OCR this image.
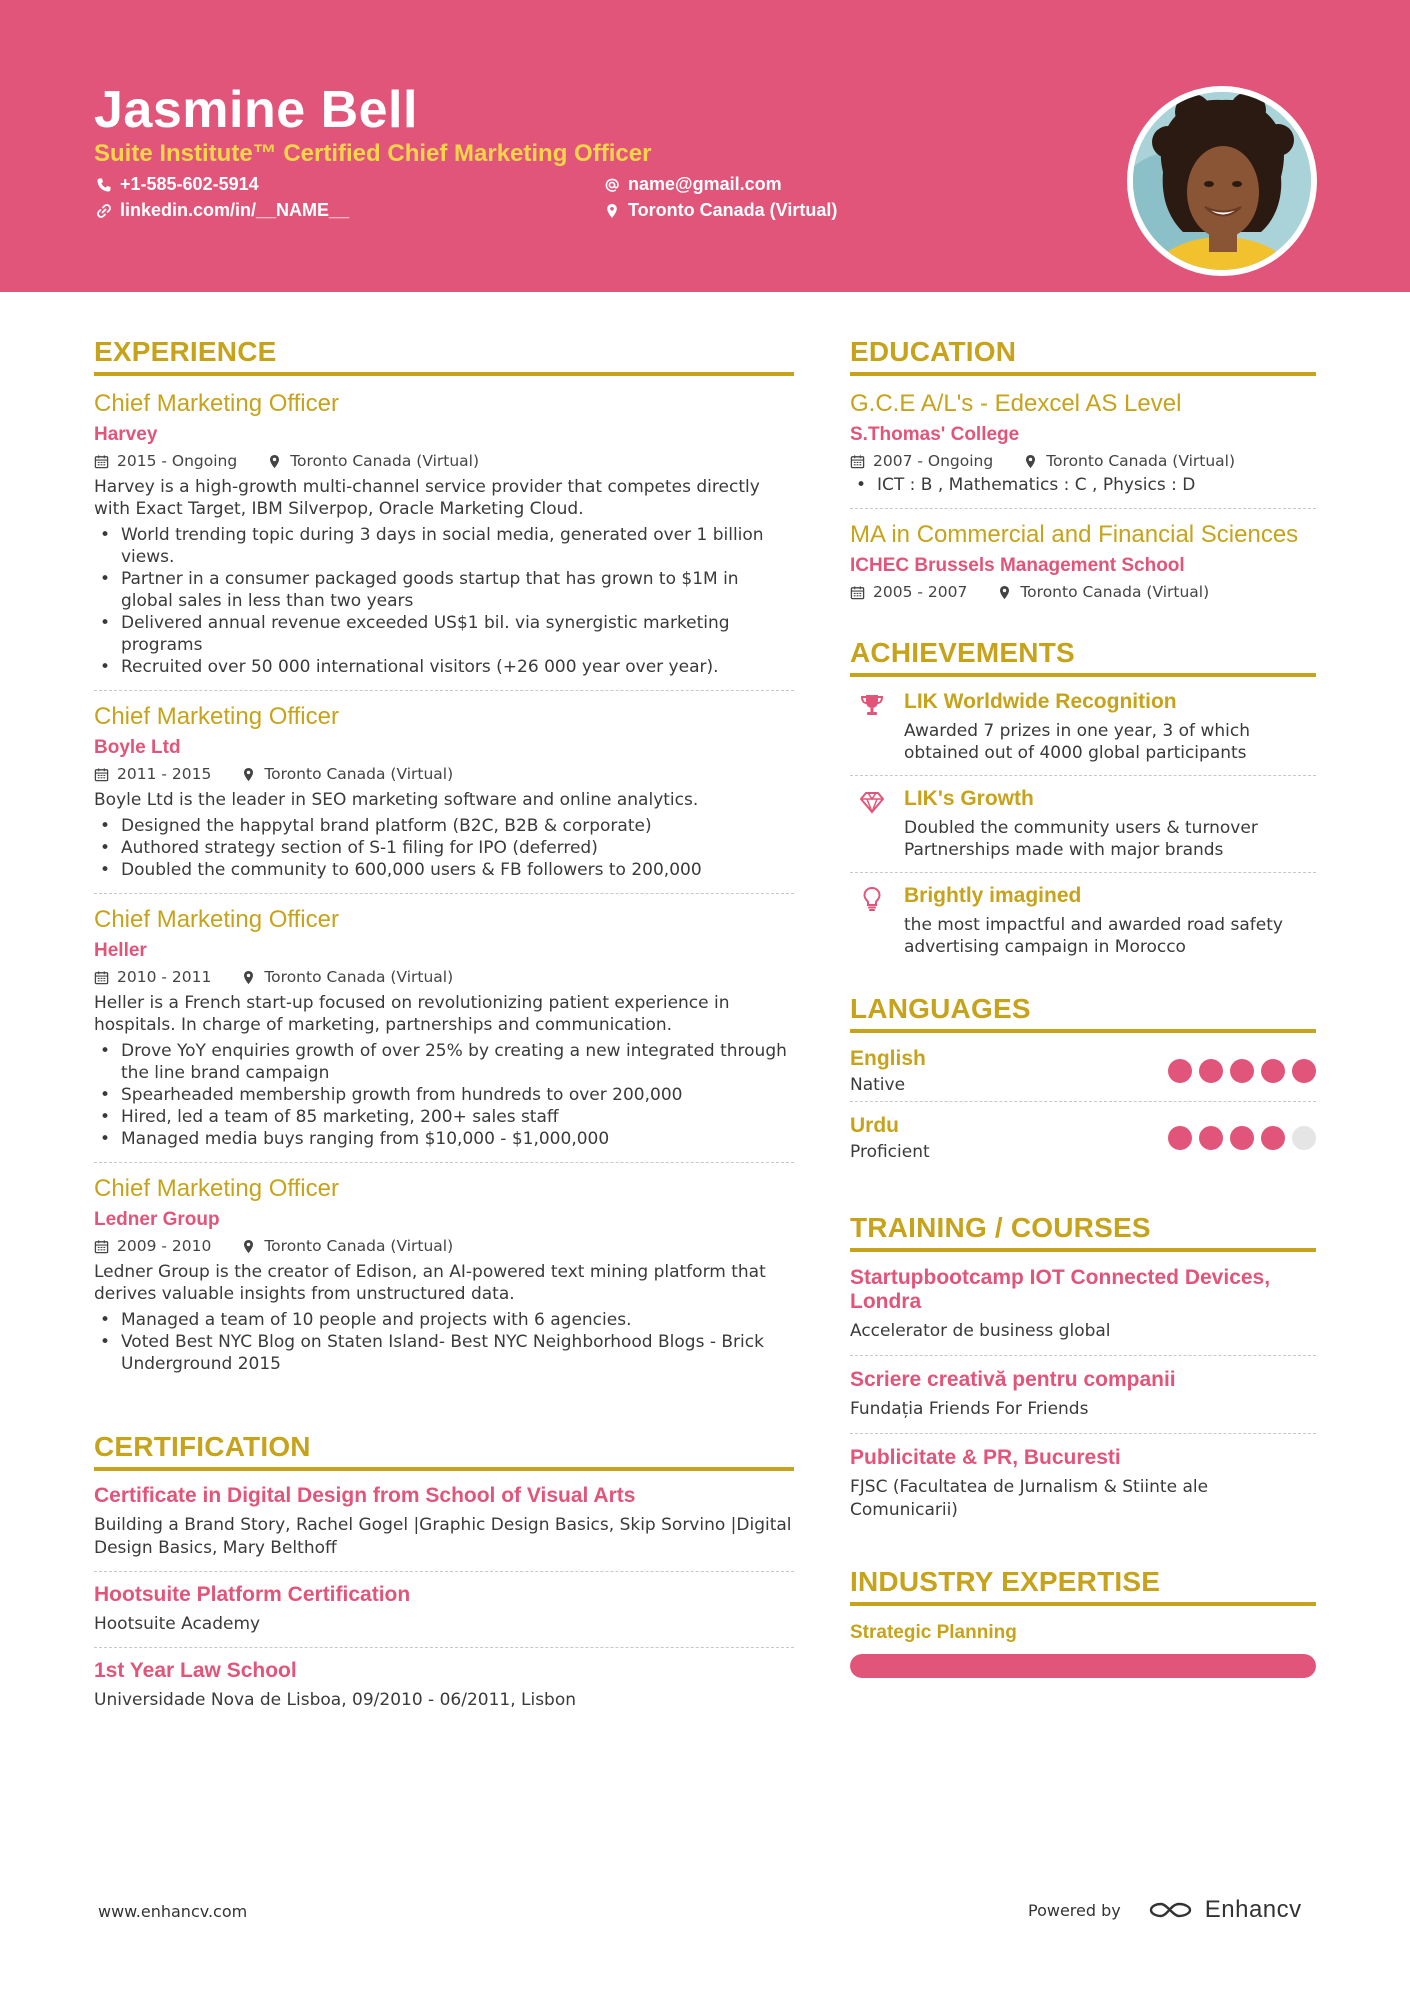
Jasmine Bell
Suite Institute™ Certified Chief Marketing Officer
+1-585-602-5914
linkedin.com/in/__NAME__
name@gmail.com
Toronto Canada (Virtual)
EXPERIENCE
Chief Marketing Officer
Harvey
2015 - Ongoing	Toronto Canada (Virtual)
Harvey is a high-growth multi-channel service provider that competes directly with Exact Target, IBM Silverpop, Oracle Marketing Cloud.
• World trending topic during 3 days in social media, generated over 1 billion views.
• Partner in a consumer packaged goods startup that has grown to $1M in global sales in less than two years
• Delivered annual revenue exceeded US$1 bil. via synergistic marketing programs
• Recruited over 50 000 international visitors (+26 000 year over year).
Chief Marketing Officer
Boyle Ltd
2011 - 2015	Toronto Canada (Virtual)
Boyle Ltd is the leader in SEO marketing software and online analytics.
• Designed the happytal brand platform (B2C, B2B & corporate)
• Authored strategy section of S-1 filing for IPO (deferred)
• Doubled the community to 600,000 users & FB followers to 200,000
Chief Marketing Officer
Heller
2010 - 2011	Toronto Canada (Virtual)
Heller is a French start-up focused on revolutionizing patient experience in hospitals. In charge of marketing, partnerships and communication.
• Drove YoY enquiries growth of over 25% by creating a new integrated through the line brand campaign
• Spearheaded membership growth from hundreds to over 200,000
• Hired, led a team of 85 marketing, 200+ sales staff
• Managed media buys ranging from $10,000 - $1,000,000
Chief Marketing Officer
Ledner Group
2009 - 2010	Toronto Canada (Virtual)
Ledner Group is the creator of Edison, an AI-powered text mining platform that derives valuable insights from unstructured data.
• Managed a team of 10 people and projects with 6 agencies.
• Voted Best NYC Blog on Staten Island- Best NYC Neighborhood Blogs - Brick Underground 2015
CERTIFICATION
Certificate in Digital Design from School of Visual Arts
Building a Brand Story, Rachel Gogel |Graphic Design Basics, Skip Sorvino |Digital Design Basics, Mary Belthoff
Hootsuite Platform Certification
Hootsuite Academy
1st Year Law School
Universidade Nova de Lisboa, 09/2010 - 06/2011, Lisbon
EDUCATION
G.C.E A/L's - Edexcel AS Level
S.Thomas' College
2007 - Ongoing	Toronto Canada (Virtual)
• ICT : B , Mathematics : C , Physics : D
MA in Commercial and Financial Sciences
ICHEC Brussels Management School
2005 - 2007	Toronto Canada (Virtual)
ACHIEVEMENTS
LIK Worldwide Recognition
Awarded 7 prizes in one year, 3 of which obtained out of 4000 global participants
LIK's Growth
Doubled the community users & turnover Partnerships made with major brands
Brightly imagined
the most impactful and awarded road safety advertising campaign in Morocco
LANGUAGES
English
Native
Urdu
Proficient
TRAINING / COURSES
Startupbootcamp IOT Connected Devices, Londra
Accelerator de business global
Scriere creativă pentru companii
Fundația Friends For Friends
Publicitate & PR, Bucuresti
FJSC (Facultatea de Jurnalism & Stiinte ale Comunicarii)
INDUSTRY EXPERTISE
Strategic Planning
www.enhancv.com	Powered by	Enhancv
